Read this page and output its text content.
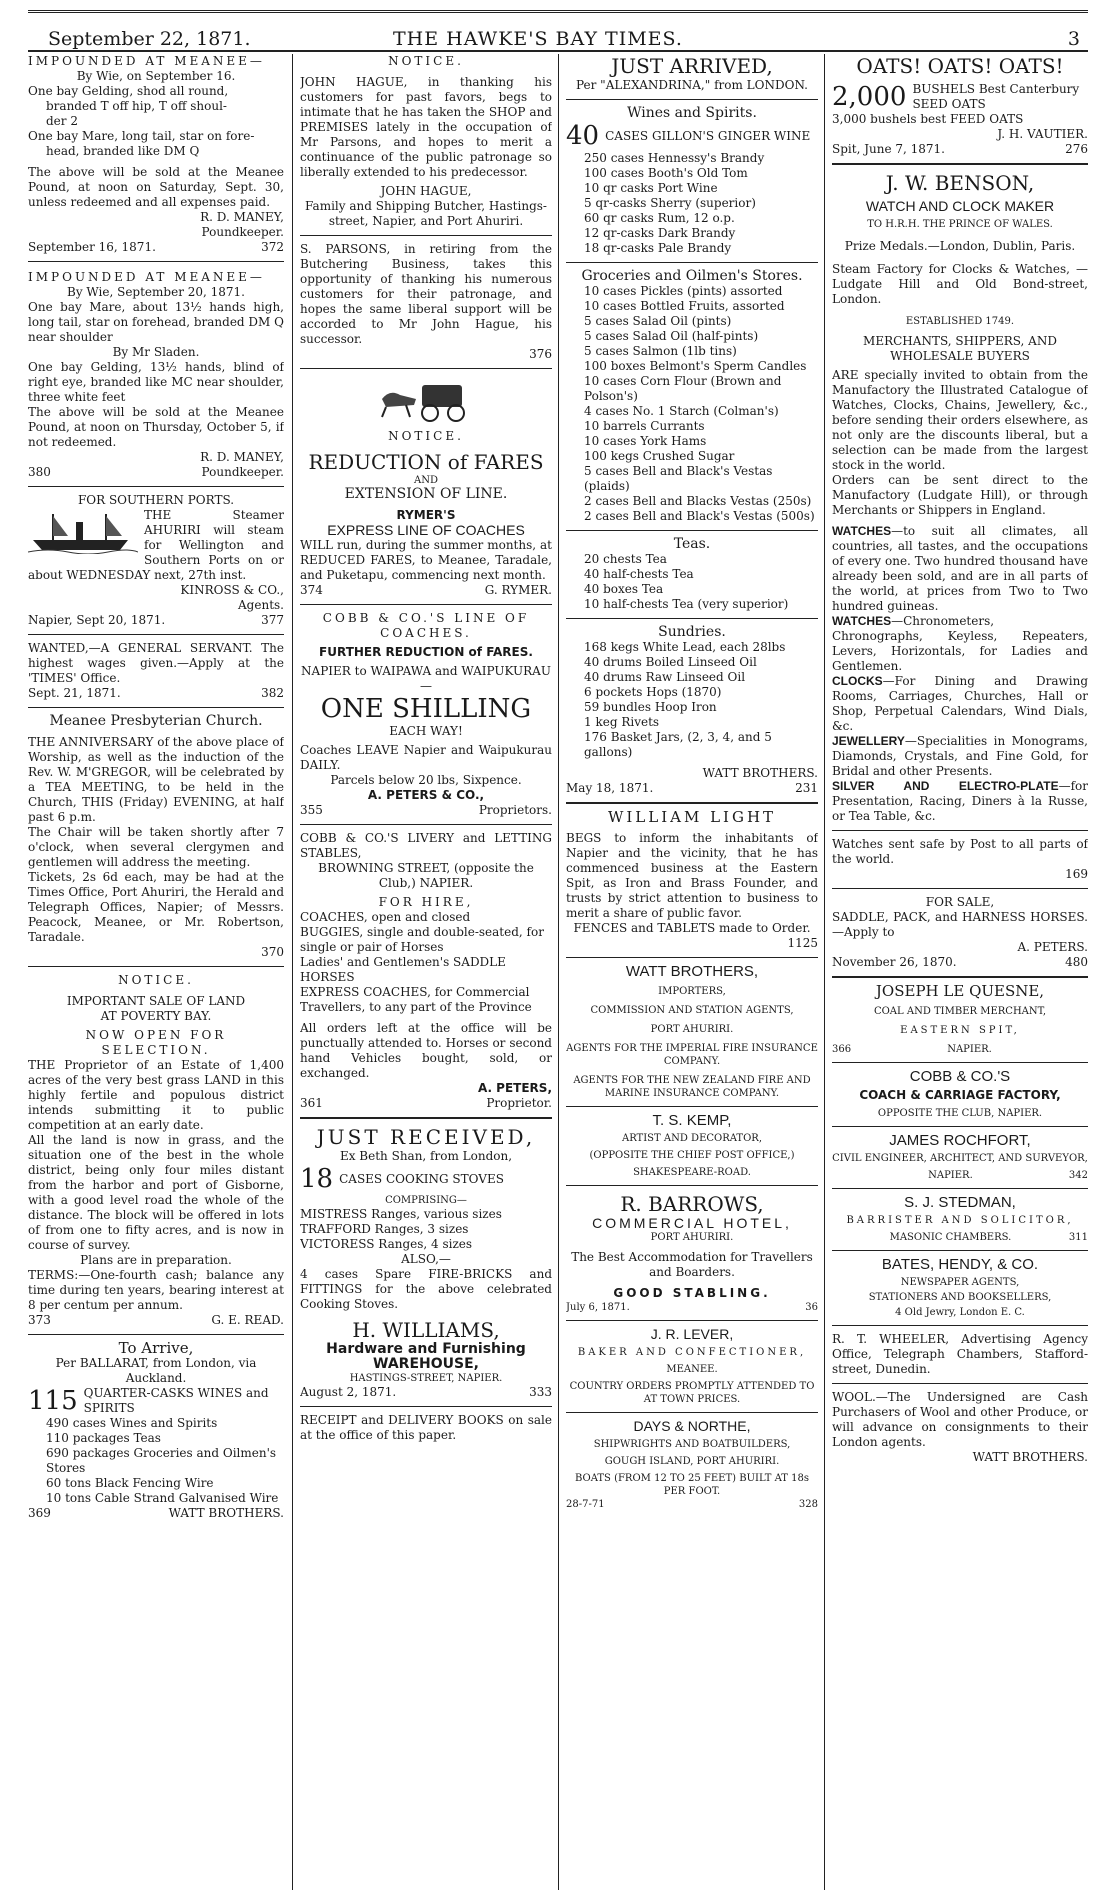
September 22, 1871.	THE HAWKE'S BAY TIMES.	3

IMPOUNDED AT MEANEE—

By Wie, on September 16.

One bay Gelding, shod all round,

branded T off hip, T off shoul-

der 2

One bay Mare, long tail, star on fore-

head, branded like DM Q

The above will be sold at the Meanee Pound, at noon on Saturday, Sept. 30, unless redeemed and all expenses paid.

R. D. MANEY,

Poundkeeper.

September 16, 1871.	372

IMPOUNDED AT MEANEE—

By Wie, September 20, 1871.

One bay Mare, about 13½ hands high, long tail, star on forehead, branded DM Q near shoulder

By Mr Sladen.

One bay Gelding, 13½ hands, blind of right eye, branded like MC near shoulder, three white feet

The above will be sold at the Meanee Pound, at noon on Thursday, October 5, if not redeemed.

R. D. MANEY,

380	Poundkeeper.

FOR SOUTHERN PORTS.

THE Steamer AHURIRI will steam for Wellington and Southern Ports on or about WEDNESDAY next, 27th inst.

KINROSS & CO.,

Agents.

Napier, Sept 20, 1871.	377

WANTED,—A GENERAL SERVANT. The highest wages given.—Apply at the 'TIMES' Office.

Sept. 21, 1871.	382

Meanee Presbyterian Church.

THE ANNIVERSARY of the above place of Worship, as well as the induction of the Rev. W. M'GREGOR, will be celebrated by a TEA MEETING, to be held in the Church, THIS (Friday) EVENING, at half past 6 p.m.

The Chair will be taken shortly after 7 o'clock, when several clergymen and gentlemen will address the meeting.

Tickets, 2s 6d each, may be had at the Times Office, Port Ahuriri, the Herald and Telegraph Offices, Napier; of Messrs. Peacock, Meanee, or Mr. Robertson, Taradale.

370

NOTICE.

IMPORTANT SALE OF LAND

AT POVERTY BAY.

NOW OPEN FOR SELECTION.

THE Proprietor of an Estate of 1,400 acres of the very best grass LAND in this highly fertile and populous district intends submitting it to public competition at an early date.

All the land is now in grass, and the situation one of the best in the whole district, being only four miles distant from the harbor and port of Gisborne, with a good level road the whole of the distance. The block will be offered in lots of from one to fifty acres, and is now in course of survey.

Plans are in preparation.

TERMS:—One-fourth cash; balance any time during ten years, bearing interest at 8 per centum per annum.

373	G. E. READ.

To Arrive,

Per BALLARAT, from London, via Auckland.

115 QUARTER-CASKS WINES and SPIRITS

490 cases Wines and Spirits

110 packages Teas

690 packages Groceries and Oilmen's Stores

60 tons Black Fencing Wire

10 tons Cable Strand Galvanised Wire

369	WATT BROTHERS.

NOTICE.

JOHN HAGUE, in thanking his customers for past favors, begs to intimate that he has taken the SHOP and PREMISES lately in the occupation of Mr Parsons, and hopes to merit a continuance of the public patronage so liberally extended to his predecessor.

JOHN HAGUE,

Family and Shipping Butcher, Hastings-street, Napier, and Port Ahuriri.

S. PARSONS, in retiring from the Butchering Business, takes this opportunity of thanking his numerous customers for their patronage, and hopes the same liberal support will be accorded to Mr John Hague, his successor.

376

NOTICE.

REDUCTION of FARES

AND

EXTENSION OF LINE.

RYMER'S

EXPRESS LINE OF COACHES

WILL run, during the summer months, at REDUCED FARES, to Meanee, Taradale, and Puketapu, commencing next month.

374	G. RYMER.

COBB & CO.'S LINE OF COACHES.

FURTHER REDUCTION of FARES.

NAPIER to WAIPAWA and WAIPUKURAU—

ONE SHILLING

EACH WAY!

Coaches LEAVE Napier and Waipukurau DAILY.

Parcels below 20 lbs, Sixpence.

A. PETERS & CO.,

355	Proprietors.

COBB & CO.'S LIVERY and LETTING STABLES,

BROWNING STREET, (opposite the Club,) NAPIER.

FOR HIRE,

COACHES, open and closed

BUGGIES, single and double-seated, for single or pair of Horses

Ladies' and Gentlemen's SADDLE HORSES

EXPRESS COACHES, for Commercial Travellers, to any part of the Province

All orders left at the office will be punctually attended to. Horses or second hand Vehicles bought, sold, or exchanged.

A. PETERS,

361	Proprietor.

JUST RECEIVED,

Ex Beth Shan, from London,

18 CASES COOKING STOVES

COMPRISING—

MISTRESS Ranges, various sizes

TRAFFORD Ranges, 3 sizes

VICTORESS Ranges, 4 sizes

ALSO,—

4 cases Spare FIRE-BRICKS and FITTINGS for the above celebrated Cooking Stoves.

H. WILLIAMS,

Hardware and Furnishing

WAREHOUSE,

HASTINGS-STREET, NAPIER.

August 2, 1871.	333

RECEIPT and DELIVERY BOOKS on sale at the office of this paper.

JUST ARRIVED,

Per "ALEXANDRINA," from LONDON.

Wines and Spirits.

40 CASES GILLON'S GINGER WINE

250 cases Hennessy's Brandy

100 cases Booth's Old Tom

10 qr casks Port Wine

5 qr-casks Sherry (superior)

60 qr casks Rum, 12 o.p.

12 qr-casks Dark Brandy

18 qr-casks Pale Brandy

Groceries and Oilmen's Stores.

10 cases Pickles (pints) assorted

10 cases Bottled Fruits, assorted

5 cases Salad Oil (pints)

5 cases Salad Oil (half-pints)

5 cases Salmon (1lb tins)

100 boxes Belmont's Sperm Candles

10 cases Corn Flour (Brown and Polson's)

4 cases No. 1 Starch (Colman's)

10 barrels Currants

10 cases York Hams

100 kegs Crushed Sugar

5 cases Bell and Black's Vestas (plaids)

2 cases Bell and Blacks Vestas (250s)

2 cases Bell and Black's Vestas (500s)

Teas.

20 chests Tea

40 half-chests Tea

40 boxes Tea

10 half-chests Tea (very superior)

Sundries.

168 kegs White Lead, each 28lbs

40 drums Boiled Linseed Oil

40 drums Raw Linseed Oil

6 pockets Hops (1870)

59 bundles Hoop Iron

1 keg Rivets

176 Basket Jars, (2, 3, 4, and 5 gallons)

WATT BROTHERS.

May 18, 1871.	231

WILLIAM LIGHT

BEGS to inform the inhabitants of Napier and the vicinity, that he has commenced business at the Eastern Spit, as Iron and Brass Founder, and trusts by strict attention to business to merit a share of public favor.

FENCES and TABLETS made to Order.

1125

WATT BROTHERS,

IMPORTERS,

COMMISSION AND STATION AGENTS,

PORT AHURIRI.

AGENTS FOR THE IMPERIAL FIRE INSURANCE COMPANY.

AGENTS FOR THE NEW ZEALAND FIRE AND MARINE INSURANCE COMPANY.

T. S. KEMP,

ARTIST AND DECORATOR,

(OPPOSITE THE CHIEF POST OFFICE,)

SHAKESPEARE-ROAD.

R. BARROWS,

COMMERCIAL HOTEL,

PORT AHURIRI.

The Best Accommodation for Travellers and Boarders.

GOOD STABLING.

July 6, 1871.	36

J. R. LEVER,

BAKER AND CONFECTIONER,

MEANEE.

COUNTRY ORDERS PROMPTLY ATTENDED TO AT TOWN PRICES.

DAYS & NORTHE,

SHIPWRIGHTS AND BOATBUILDERS,

GOUGH ISLAND, PORT AHURIRI.

BOATS (FROM 12 TO 25 FEET) BUILT AT 18s PER FOOT.

28-7-71	328

OATS! OATS! OATS!

2,000 BUSHELS Best Canterbury SEED OATS

3,000 bushels best FEED OATS

J. H. VAUTIER.

Spit, June 7, 1871.	276

J. W. BENSON,

WATCH AND CLOCK MAKER

TO H.R.H. THE PRINCE OF WALES.

Prize Medals.—London, Dublin, Paris.

Steam Factory for Clocks & Watches, —Ludgate Hill and Old Bond-street, London.

ESTABLISHED 1749.

MERCHANTS, SHIPPERS, AND WHOLESALE BUYERS

ARE specially invited to obtain from the Manufactory the Illustrated Catalogue of Watches, Clocks, Chains, Jewellery, &c., before sending their orders elsewhere, as not only are the discounts liberal, but a selection can be made from the largest stock in the world.

Orders can be sent direct to the Manufactory (Ludgate Hill), or through Merchants or Shippers in England.

WATCHES—to suit all climates, all countries, all tastes, and the occupations of every one. Two hundred thousand have already been sold, and are in all parts of the world, at prices from Two to Two hundred guineas.

WATCHES—Chronometers, Chronographs, Keyless, Repeaters, Levers, Horizontals, for Ladies and Gentlemen.

CLOCKS—For Dining and Drawing Rooms, Carriages, Churches, Hall or Shop, Perpetual Calendars, Wind Dials, &c.

JEWELLERY—Specialities in Monograms, Diamonds, Crystals, and Fine Gold, for Bridal and other Presents.

SILVER AND ELECTRO-PLATE—for Presentation, Racing, Diners à la Russe, or Tea Table, &c.

Watches sent safe by Post to all parts of the world.

169

FOR SALE,

SADDLE, PACK, and HARNESS HORSES.—Apply to

A. PETERS.

November 26, 1870.	480

JOSEPH LE QUESNE,

COAL AND TIMBER MERCHANT,

EASTERN SPIT,

366	NAPIER.

COBB & CO.'S

COACH & CARRIAGE FACTORY,

OPPOSITE THE CLUB, NAPIER.

JAMES ROCHFORT,

CIVIL ENGINEER, ARCHITECT, AND SURVEYOR,

NAPIER.	342

S. J. STEDMAN,

BARRISTER AND SOLICITOR,

MASONIC CHAMBERS.	311

BATES, HENDY, & CO.

NEWSPAPER AGENTS,

STATIONERS AND BOOKSELLERS,

4 Old Jewry, London E. C.

R. T. WHEELER, Advertising Agency Office, Telegraph Chambers, Stafford-street, Dunedin.

WOOL.—The Undersigned are Cash Purchasers of Wool and other Produce, or will advance on consignments to their London agents.

WATT BROTHERS.
